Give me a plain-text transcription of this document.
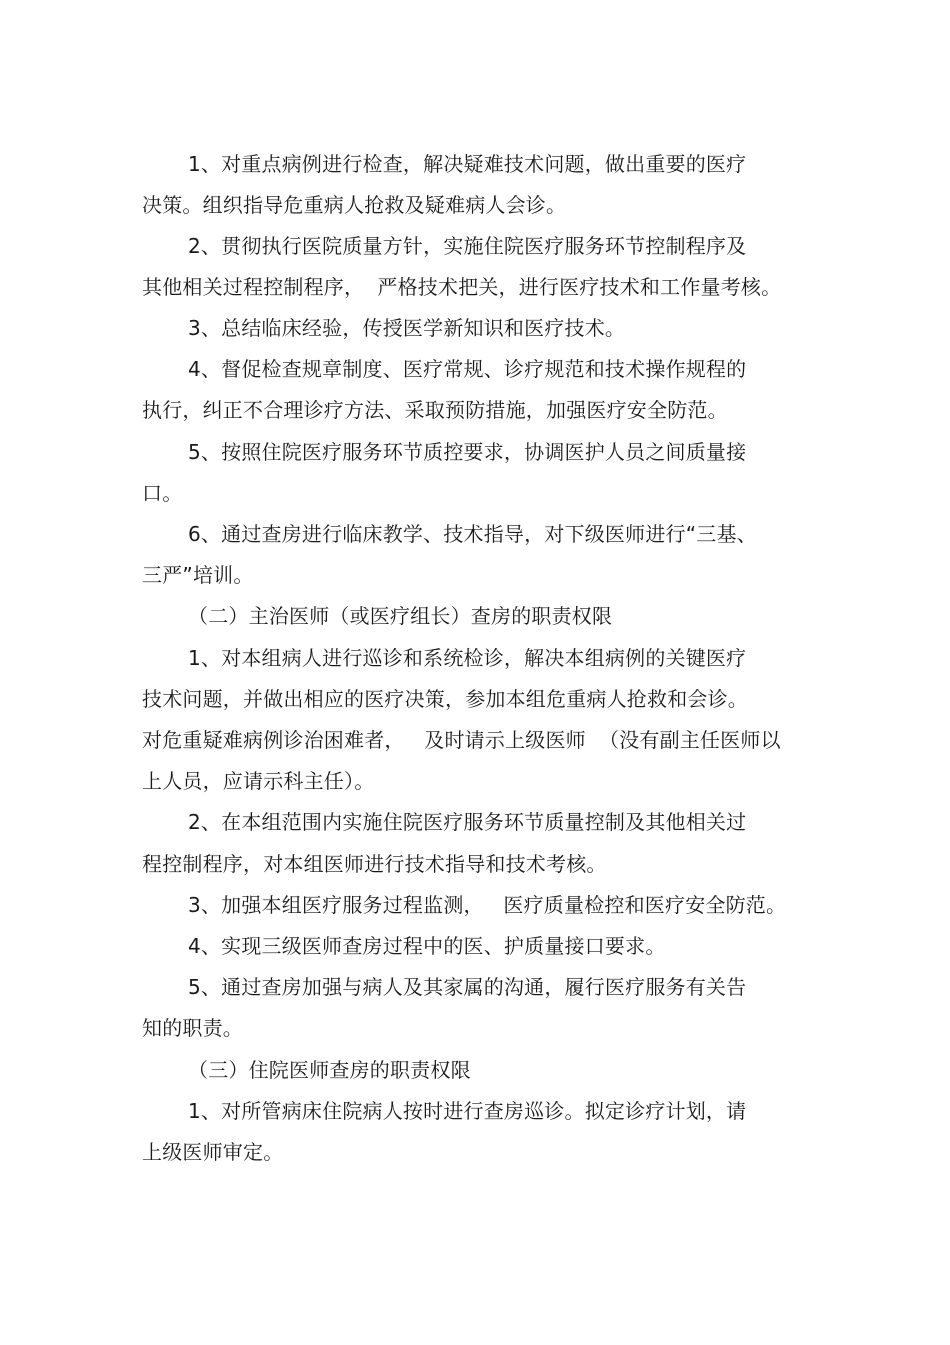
1、对重点病例进行检查，解决疑难技术问题，做出重要的医疗
决策。组织指导危重病人抢救及疑难病人会诊。
2、贯彻执行医院质量方针，实施住院医疗服务环节控制程序及
其他相关过程控制程序，  严格技术把关，进行医疗技术和工作量考核。
3、总结临床经验，传授医学新知识和医疗技术。
4、督促检查规章制度、医疗常规、诊疗规范和技术操作规程的
执行，纠正不合理诊疗方法、采取预防措施，加强医疗安全防范。
5、按照住院医疗服务环节质控要求，协调医护人员之间质量接
口。
6、通过查房进行临床教学、技术指导，对下级医师进行“三基、
三严”培训。
（二）主治医师（或医疗组长）查房的职责权限
1、对本组病人进行巡诊和系统检诊，解决本组病例的关键医疗
技术问题，并做出相应的医疗决策，参加本组危重病人抢救和会诊。
对危重疑难病例诊治困难者，   及时请示上级医师  （没有副主任医师以
上人员，应请示科主任）。
2、在本组范围内实施住院医疗服务环节质量控制及其他相关过
程控制程序，对本组医师进行技术指导和技术考核。
3、加强本组医疗服务过程监测，   医疗质量检控和医疗安全防范。
4、实现三级医师查房过程中的医、护质量接口要求。
5、通过查房加强与病人及其家属的沟通，履行医疗服务有关告
知的职责。
（三）住院医师查房的职责权限
1、对所管病床住院病人按时进行查房巡诊。拟定诊疗计划，请
上级医师审定。
